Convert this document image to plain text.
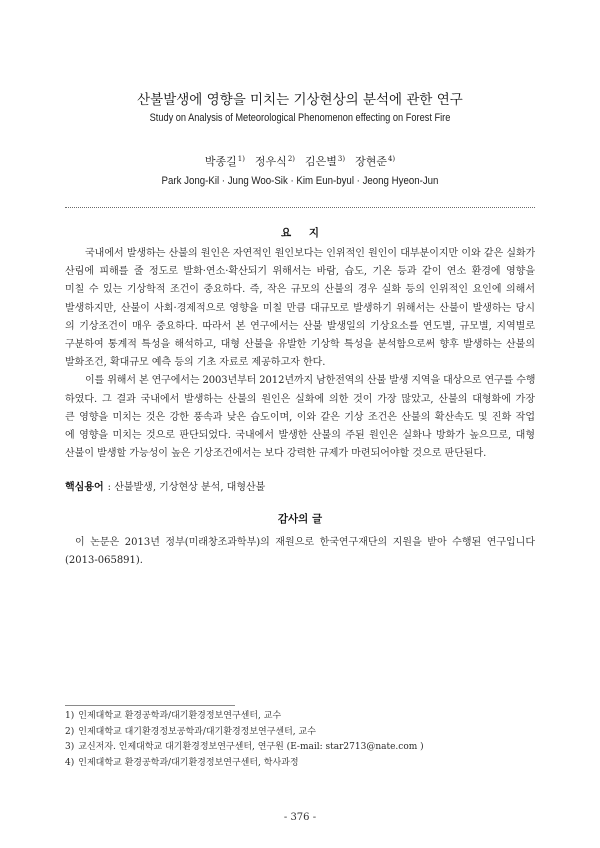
산불발생에 영향을 미치는 기상현상의 분석에 관한 연구
Study on Analysis of Meteorological Phenomenon effecting on Forest Fire
박종길$^{1)}$ 정우식$^{2)}$ 김은별$^{3)}$ 장현준$^{4)}$
Park Jong-Kil · Jung Woo-Sik · Kim Eun-byul · Jeong Hyeon-Jun
요 지
국내에서 발생하는 산불의 원인은 자연적인 원인보다는 인위적인 원인이 대부분이지만 이와 같은 실화가
산림에 피해를 줄 정도로 발화·연소·확산되기 위해서는 바람, 습도, 기온 등과 같이 연소 환경에 영향을
미칠 수 있는 기상학적 조건이 중요하다. 즉, 작은 규모의 산불의 경우 실화 등의 인위적인 요인에 의해서
발생하지만, 산불이 사회·경제적으로 영향을 미칠 만큼 대규모로 발생하기 위해서는 산불이 발생하는 당시
의 기상조건이 매우 중요하다. 따라서 본 연구에서는 산불 발생일의 기상요소를 연도별, 규모별, 지역별로
구분하여 통계적 특성을 해석하고, 대형 산불을 유발한 기상학 특성을 분석함으로써 향후 발생하는 산불의
발화조건, 확대규모 예측 등의 기초 자료로 제공하고자 한다.
이를 위해서 본 연구에서는 2003년부터 2012년까지 남한전역의 산불 발생 지역을 대상으로 연구를 수행
하였다. 그 결과 국내에서 발생하는 산불의 원인은 실화에 의한 것이 가장 많았고, 산불의 대형화에 가장
큰 영향을 미치는 것은 강한 풍속과 낮은 습도이며, 이와 같은 기상 조건은 산불의 확산속도 및 진화 작업
에 영향을 미치는 것으로 판단되었다. 국내에서 발생한 산불의 주된 원인은 실화나 방화가 높으므로, 대형
산불이 발생할 가능성이 높은 기상조건에서는 보다 강력한 규제가 마련되어야할 것으로 판단된다.
핵심용어 : 산불발생, 기상현상 분석, 대형산불
감사의 글
이 논문은 2013년 정부(미래창조과학부)의 재원으로 한국연구재단의 지원을 받아 수행된 연구입니다
(2013-065891).
1) 인제대학교 환경공학과/대기환경정보연구센터, 교수
2) 인제대학교 대기환경정보공학과/대기환경정보연구센터, 교수
3) 교신저자. 인제대학교 대기환경정보연구센터, 연구원 (E-mail: star2713@nate.com )
4) 인제대학교 환경공학과/대기환경정보연구센터, 학사과정
- 376 -
